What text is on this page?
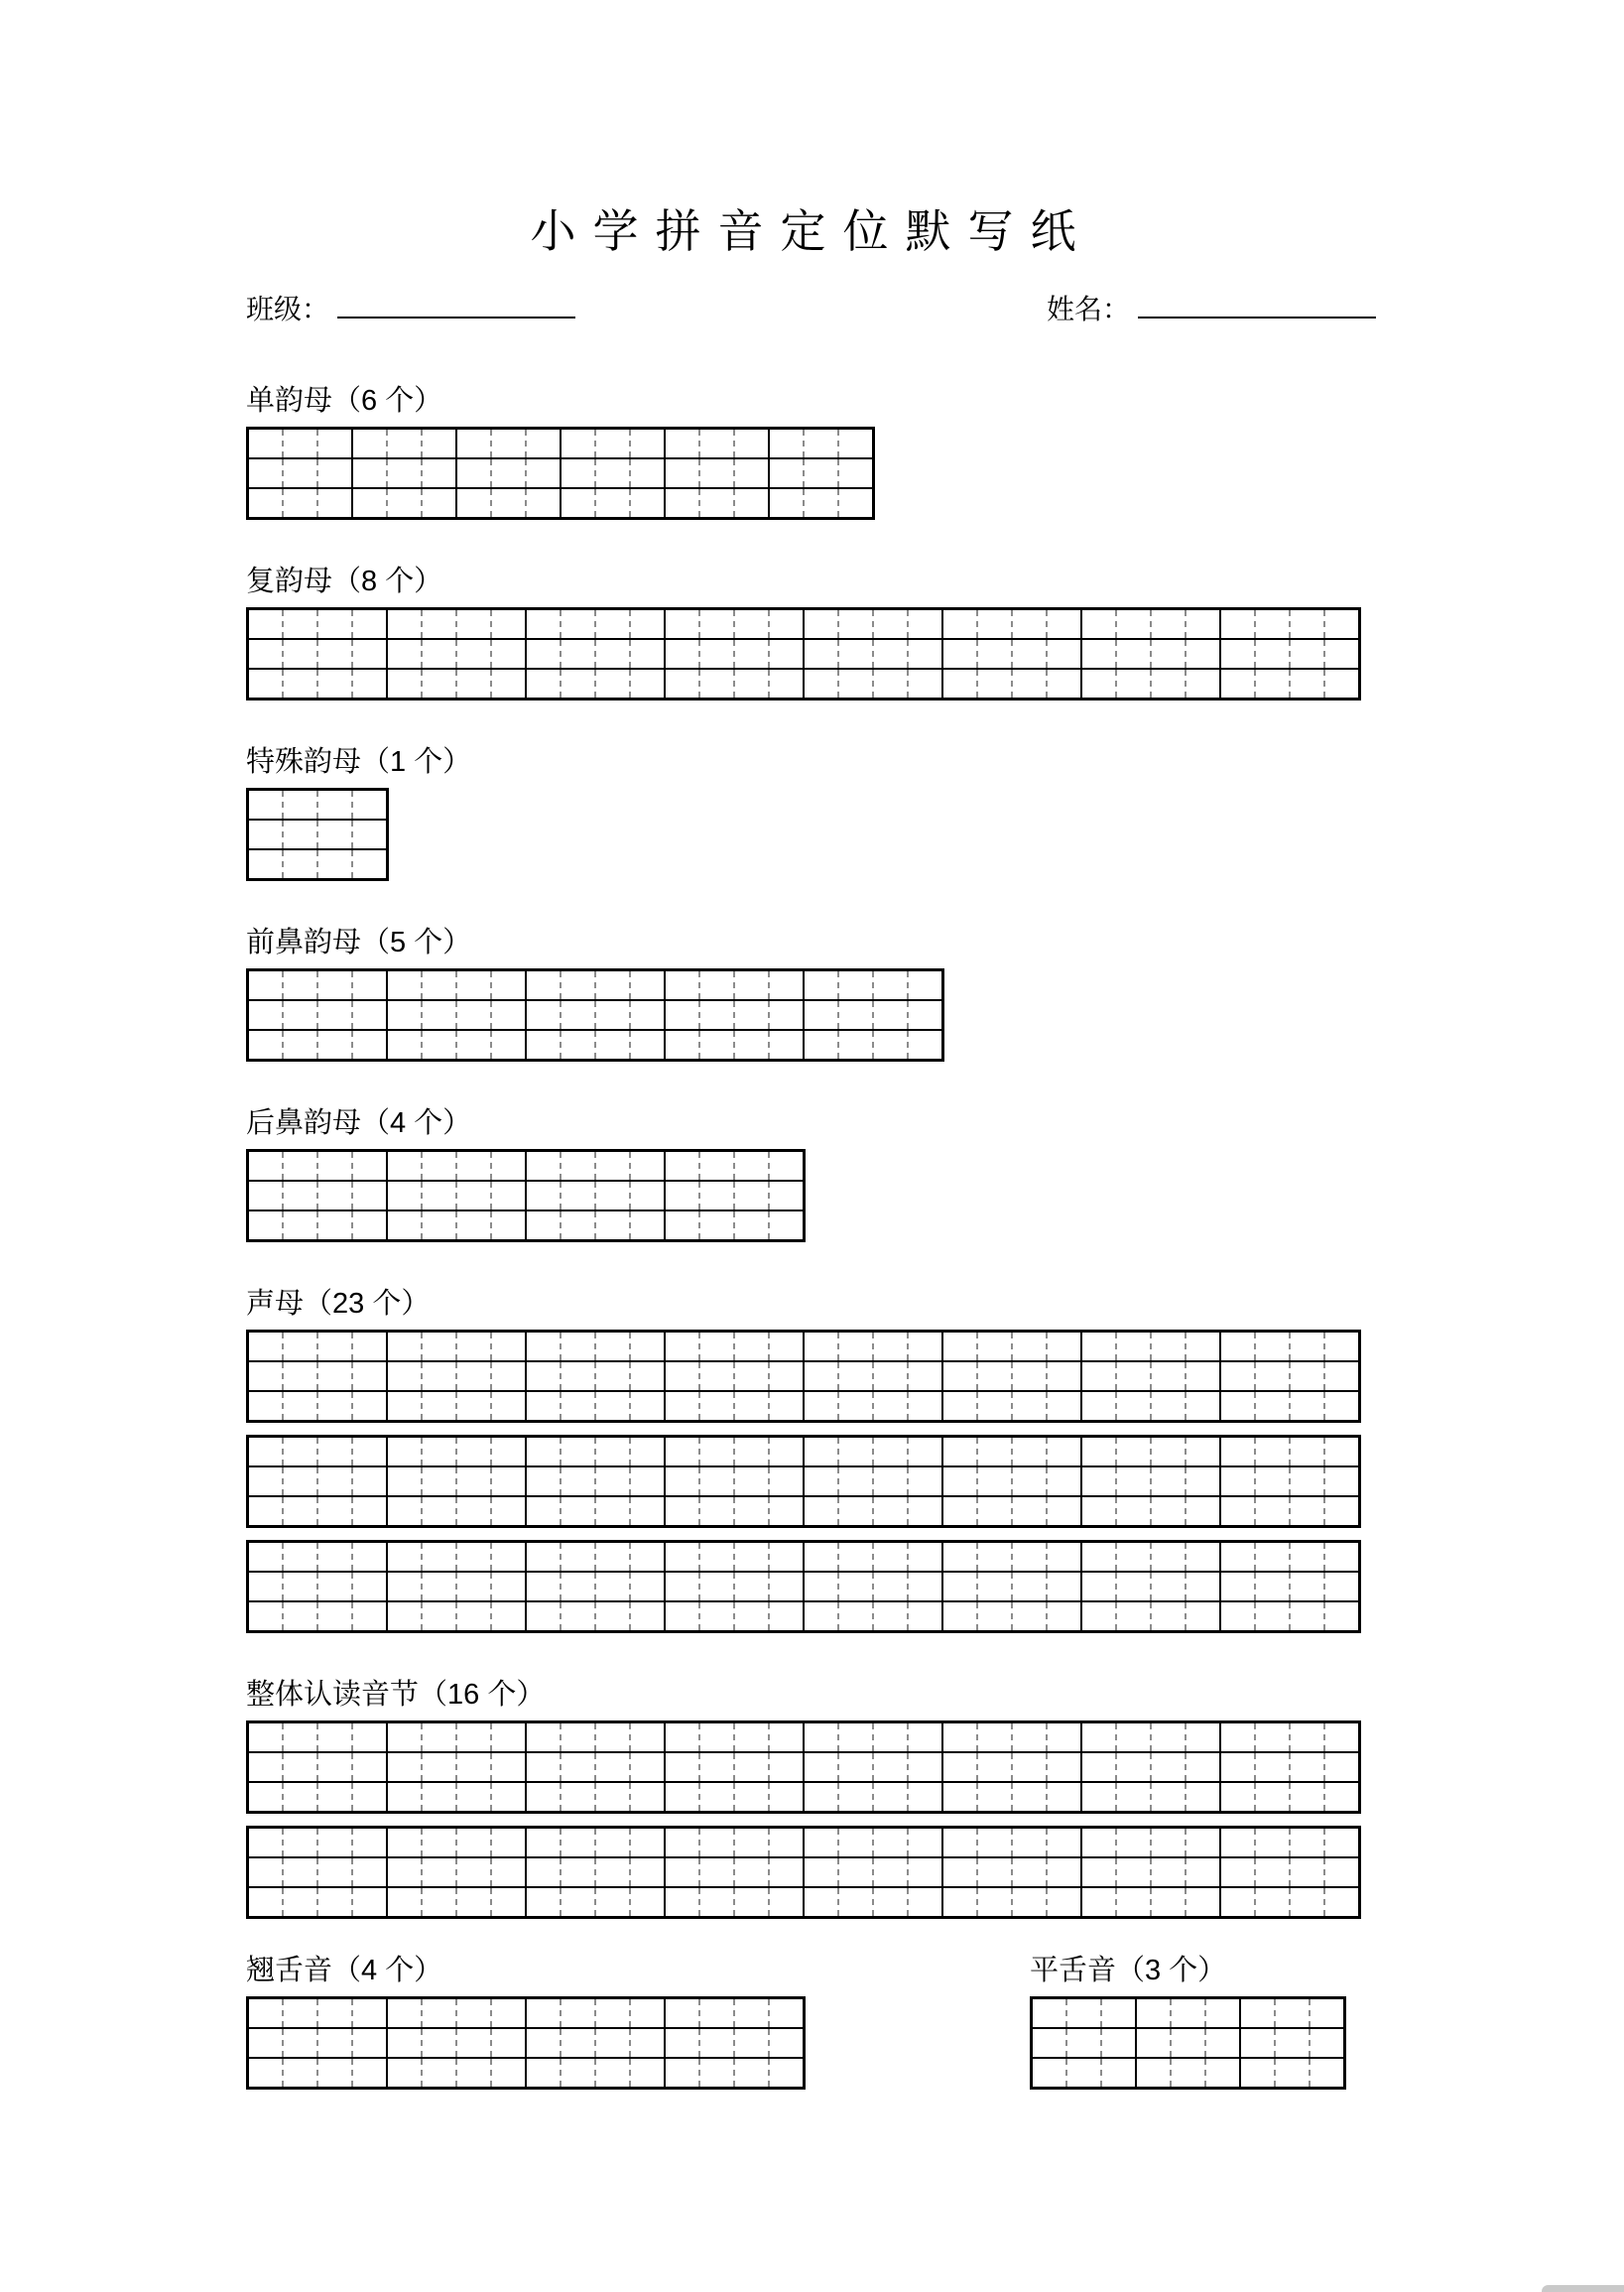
小学拼音定位默写纸
班级：	姓名：
单韵母（6 个）

复韵母（8 个）

特殊韵母（1 个）

前鼻韵母（5 个）

后鼻韵母（4 个）

声母（23 个）

整体认读音节（16 个）

翘舌音（4 个）

																平舌音（3 个）
